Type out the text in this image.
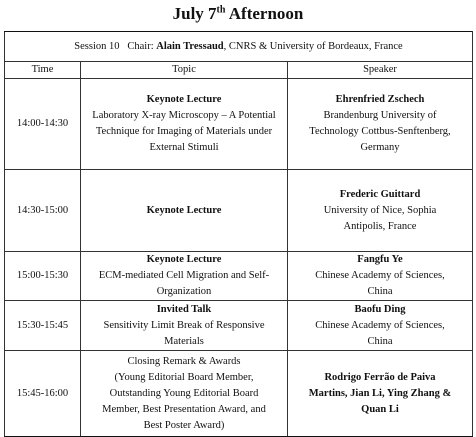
July 7th Afternoon
Session 10 Chair: Alain Tressaud, CNRS & University of Bordeaux, France		
Time	Topic	Speaker
14:00-14:30	Keynote Lecture
Laboratory X-ray Microscopy – A Potential
Technique for Imaging of Materials under
External Stimuli	Ehrenfried Zschech
Brandenburg University of
Technology Cottbus-Senftenberg,
Germany

14:30-15:00	Keynote Lecture	Frederic Guittard
University of Nice, Sophia
Antipolis, France

15:00-15:30	Keynote Lecture
ECM-mediated Cell Migration and Self-
Organization	Fangfu Ye
Chinese Academy of Sciences,
China

15:30-15:45	Invited Talk
Sensitivity Limit Break of Responsive
Materials	Baofu Ding
Chinese Academy of Sciences,
China

15:45-16:00	Closing Remark & Awards
(Young Editorial Board Member,
Outstanding Young Editorial Board
Member, Best Presentation Award, and
Best Poster Award)	Rodrigo Ferrão de Paiva
Martins, Jian Li, Ying Zhang &
Quan Li
